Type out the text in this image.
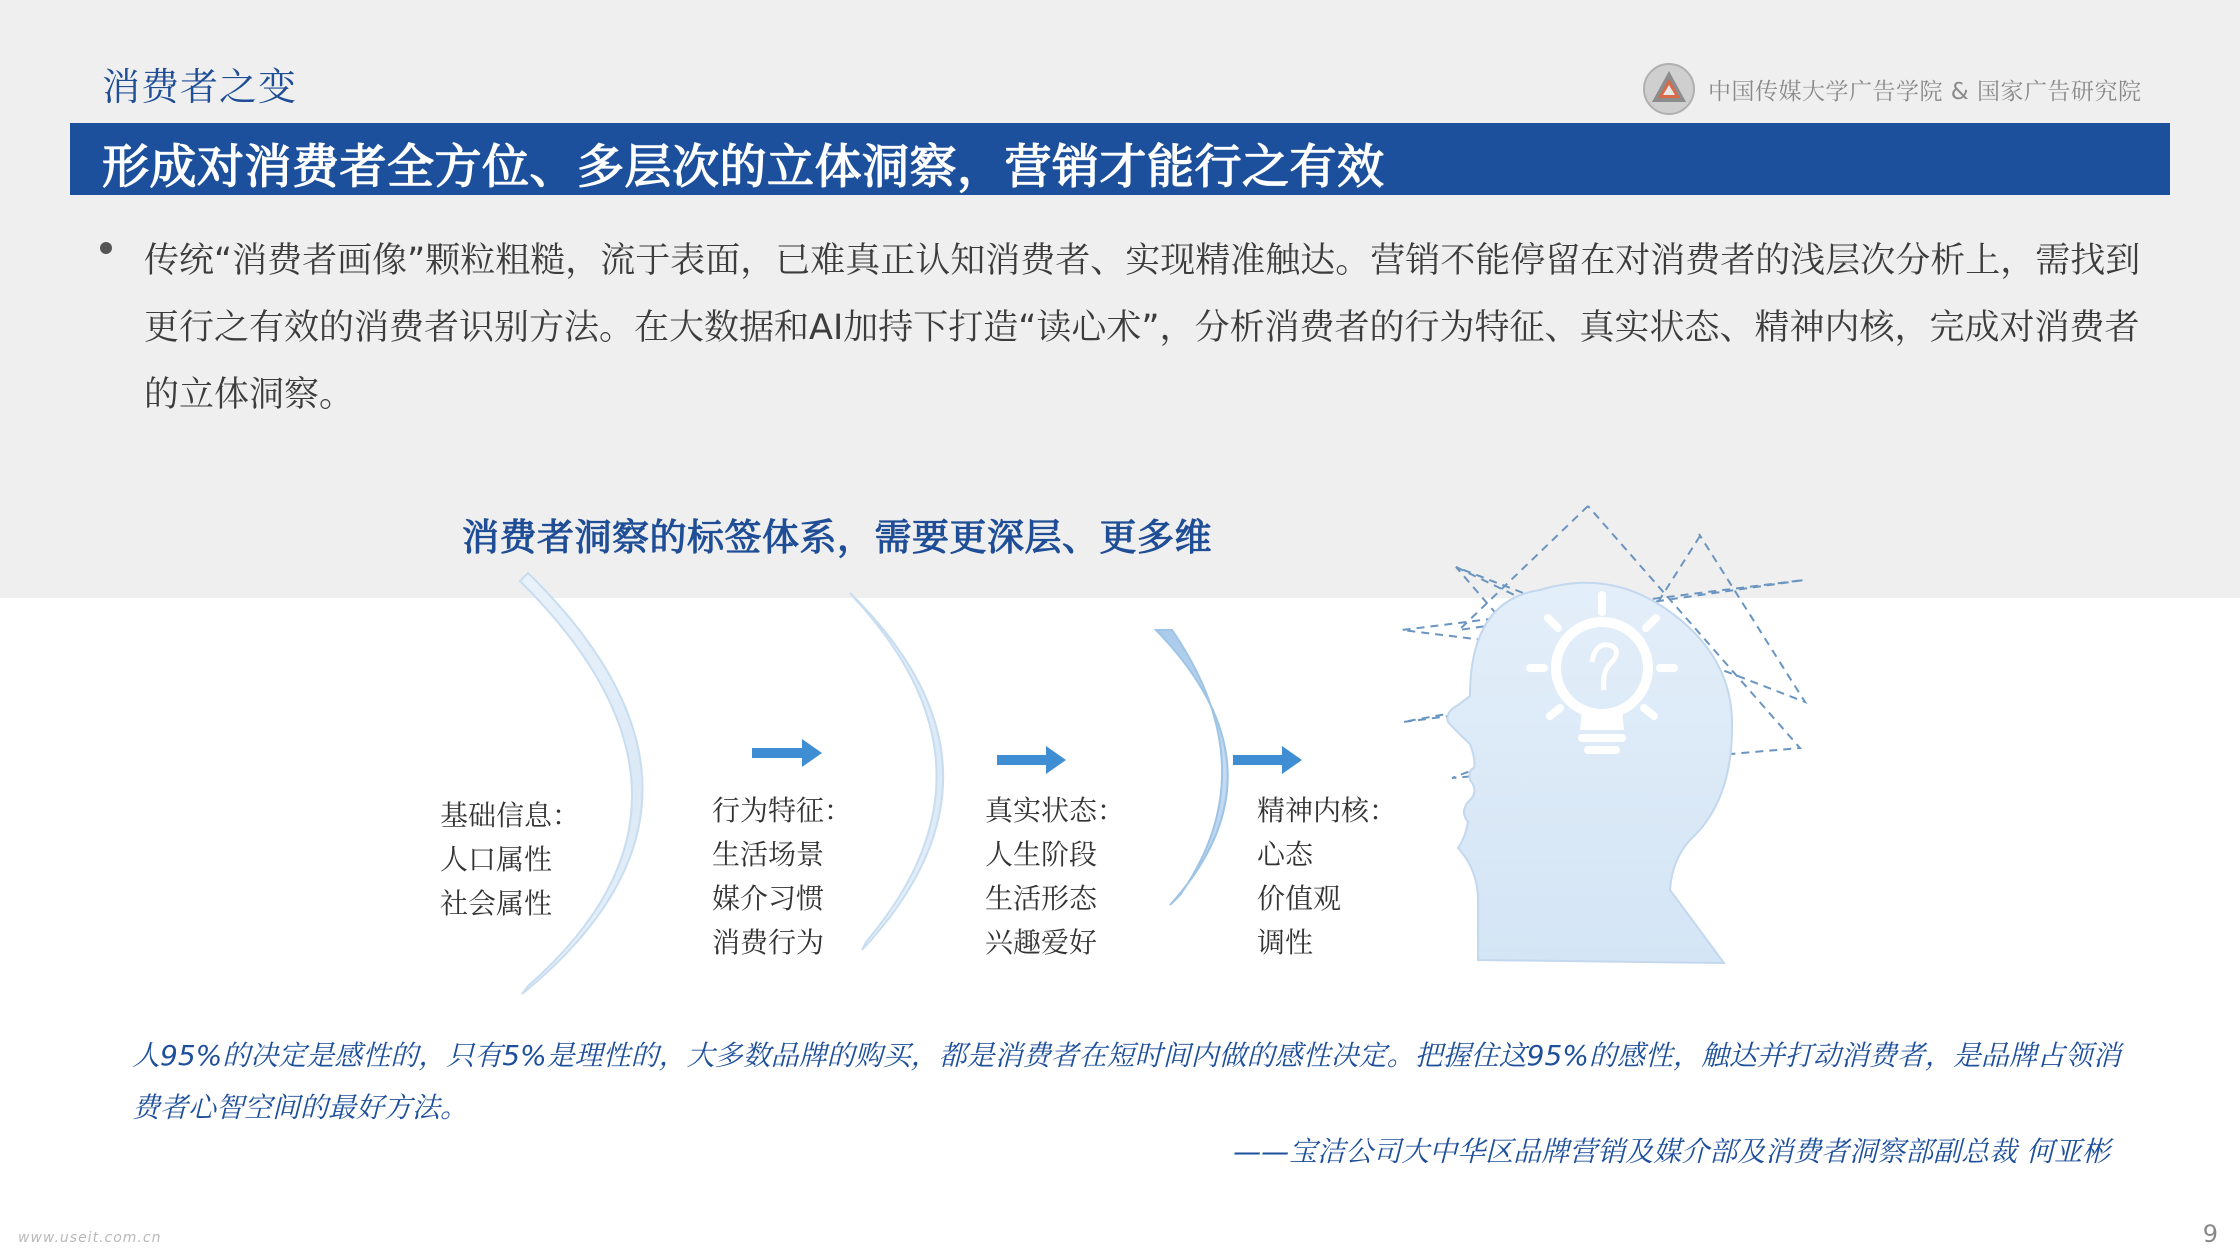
消费者之变	中国传媒大学广告学院 & 国家广告研究院
形成对消费者全方位、多层次的立体洞察，营销才能行之有效
传统“消费者画像”颗粒粗糙，流于表面，已难真正认知消费者、实现精准触达。营销不能停留在对消费者的浅层次分析上，需找到更行之有效的消费者识别方法。在大数据和AI加持下打造“读心术”，分析消费者的行为特征、真实状态、精神内核，完成对消费者的立体洞察。
消费者洞察的标签体系，需要更深层、更多维
基础信息：
人口属性
社会属性
行为特征：
生活场景
媒介习惯
消费行为
真实状态：
人生阶段
生活形态
兴趣爱好
精神内核：
心态
价值观
调性
人95%的决定是感性的，只有5%是理性的，大多数品牌的购买，都是消费者在短时间内做的感性决定。把握住这95%的感性，触达并打动消费者，是品牌占领消费者心智空间的最好方法。
——宝洁公司大中华区品牌营销及媒介部及消费者洞察部副总裁 何亚彬
www.useit.com.cn	9
